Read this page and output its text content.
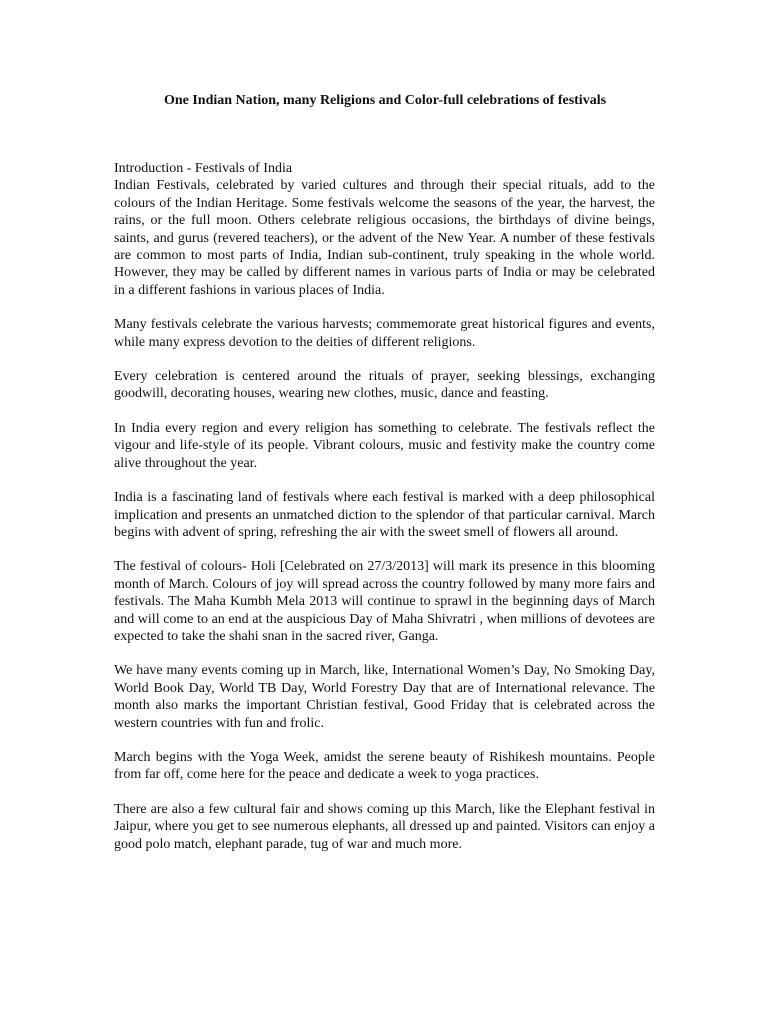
One Indian Nation, many Religions and Color-full celebrations of festivals

Introduction - Festivals of India

Indian Festivals, celebrated by varied cultures and through their special rituals, add to the colours of the Indian Heritage. Some festivals welcome the seasons of the year, the harvest, the rains, or the full moon. Others celebrate religious occasions, the birthdays of divine beings, saints, and gurus (revered teachers), or the advent of the New Year. A number of these festivals are common to most parts of India, Indian sub-continent, truly speaking in the whole world. However, they may be called by different names in various parts of India or may be celebrated in a different fashions in various places of India.

Many festivals celebrate the various harvests; commemorate great historical figures and events, while many express devotion to the deities of different religions.

Every celebration is centered around the rituals of prayer, seeking blessings, exchanging goodwill, decorating houses, wearing new clothes, music, dance and feasting.

In India every region and every religion has something to celebrate. The festivals reflect the vigour and life-style of its people. Vibrant colours, music and festivity make the country come alive throughout the year.

India is a fascinating land of festivals where each festival is marked with a deep philosophical implication and presents an unmatched diction to the splendor of that particular carnival. March begins with advent of spring, refreshing the air with the sweet smell of flowers all around.

The festival of colours- Holi [Celebrated on 27/3/2013] will mark its presence in this blooming month of March. Colours of joy will spread across the country followed by many more fairs and festivals. The Maha Kumbh Mela 2013 will continue to sprawl in the beginning days of March and will come to an end at the auspicious Day of Maha Shivratri , when millions of devotees are expected to take the shahi snan in the sacred river, Ganga.

We have many events coming up in March, like, International Women’s Day, No Smoking Day, World Book Day, World TB Day, World Forestry Day that are of International relevance. The month also marks the important Christian festival, Good Friday that is celebrated across the western countries with fun and frolic.

March begins with the Yoga Week, amidst the serene beauty of Rishikesh mountains. People from far off, come here for the peace and dedicate a week to yoga practices.

There are also a few cultural fair and shows coming up this March, like the Elephant festival in Jaipur, where you get to see numerous elephants, all dressed up and painted. Visitors can enjoy a good polo match, elephant parade, tug of war and much more.
